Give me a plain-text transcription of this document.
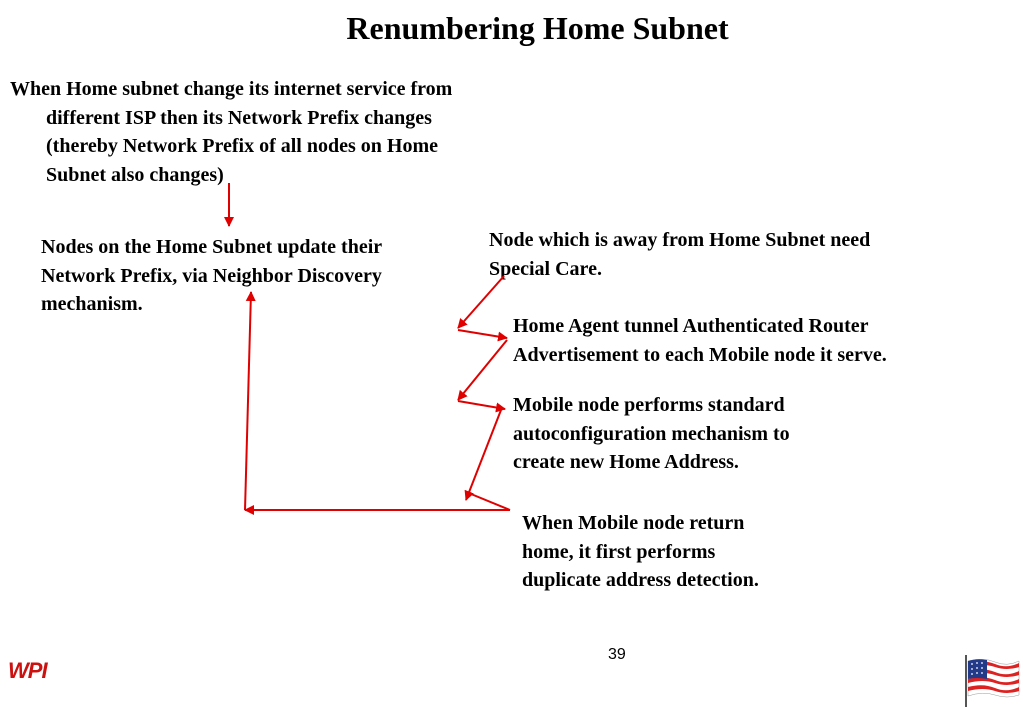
Renumbering Home Subnet
When Home subnet change its internet service from
different ISP then its Network Prefix changes
(thereby Network Prefix of all nodes on Home
Subnet also changes)
Nodes on the Home Subnet update their
Network Prefix, via Neighbor Discovery
mechanism.
Node which is away from Home Subnet need
Special Care.
Home Agent tunnel Authenticated Router
Advertisement to each Mobile node it serve.
Mobile node performs standard
autoconfiguration mechanism to
create new Home Address.
When Mobile node return
home, it first performs
duplicate address detection.
39
WPI
